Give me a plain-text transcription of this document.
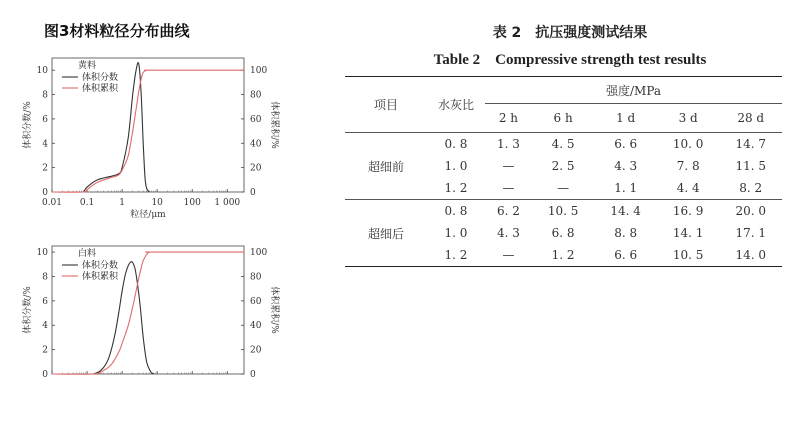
图3材料粒径分布曲线
0
2
4
6
8
10
0
20
40
60
80
100
0.01 0.1	1	10 100 1 000
粒径/μm
体积分数/%	体积累积/%
黄料
体积分数
体积累积
0
2
4
6
8
10
0
20
40
60
80
100
体积分数/%	体积累积/%
白料
体积分数
体积累积
表 2　抗压强度测试结果
Table 2　Compressive strength test results

项目	水灰比	强度/MPa				
		2 h	6 h	1 d	3 d	28 d
超细前	0. 8	1. 3	4. 5	6. 6	10. 0	14. 7
	1. 0	—	2. 5	4. 3	7. 8	11. 5
	1. 2	—	—	1. 1	4. 4	8. 2
超细后	0. 8	6. 2	10. 5	14. 4	16. 9	20. 0
	1. 0	4. 3	6. 8	8. 8	14. 1	17. 1
	1. 2	—	1. 2	6. 6	10. 5	14. 0
